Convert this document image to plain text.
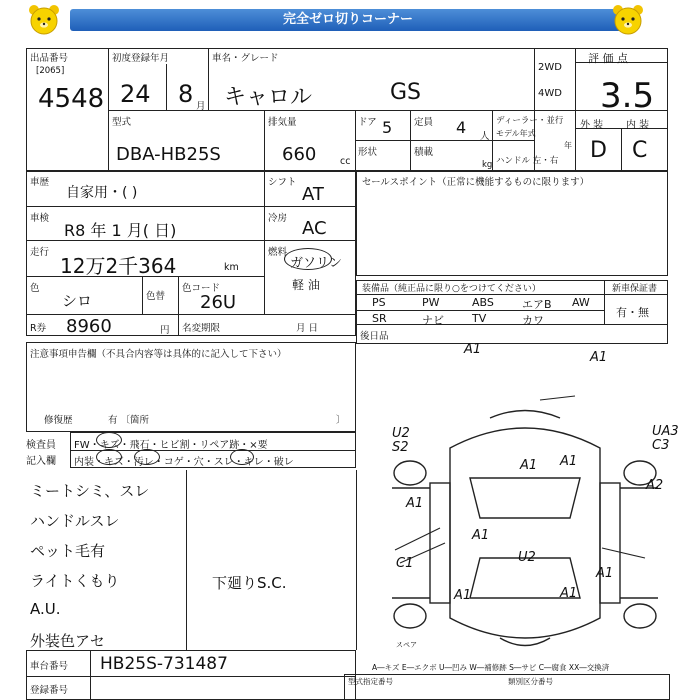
完全ゼロ切りコーナー
出品番号
[2065]
4548
初度登録年月
24 8 月
車名・グレード
キャロル	GS
2WD
4WD
評 価 点
3.5
型式
DBA-HB25S
排気量
660 cc
ドア 5 定員 4 人
ディーラー・並行
モデル年式
年
ハンドル 左・右
形状	積載
kg
外 装 内 装
D C
車歴
自家用・( )
シフト
AT
車検
R8 年 1 月( 日)
冷房 AC
走行
12万2千364	km
燃料
ガソリン
軽 油
色
シロ	色替
色コード
26U
R券 8960	円 名変期限	月 日
セールスポイント（正常に機能するものに限ります）
装備品（純正品に限り○をつけてください）	新車保証書
PS	PW	ABS	エアB AW
SR	ナビ	TV	カワ
有・無
後日品
注意事項申告欄（不具合内容等は具体的に記入して下さい）
修復歴	有 〔箇所	〕
検査員
記入欄
FW・キズ・飛石・ヒビ割・リペア跡・×要
内装・キズ・汚レ・コゲ・穴・スレ・キレ・破レ
ミートシミ、スレ
ハンドルスレ
ペット毛有
ライトくもり
A.U.
外装色アセ
下廻りS.C.
A1
A1
U2
S2
UA3
C3
A1
A1 A1
A2
A1
U2
C1
A1	A1
A1
スペア
A―キズ E―エクボ U―凹み W―補修跡 S―サビ C―腐食 XX―交換済
車台番号 HB25S-731487
登録番号
型式指定番号	類別区分番号
